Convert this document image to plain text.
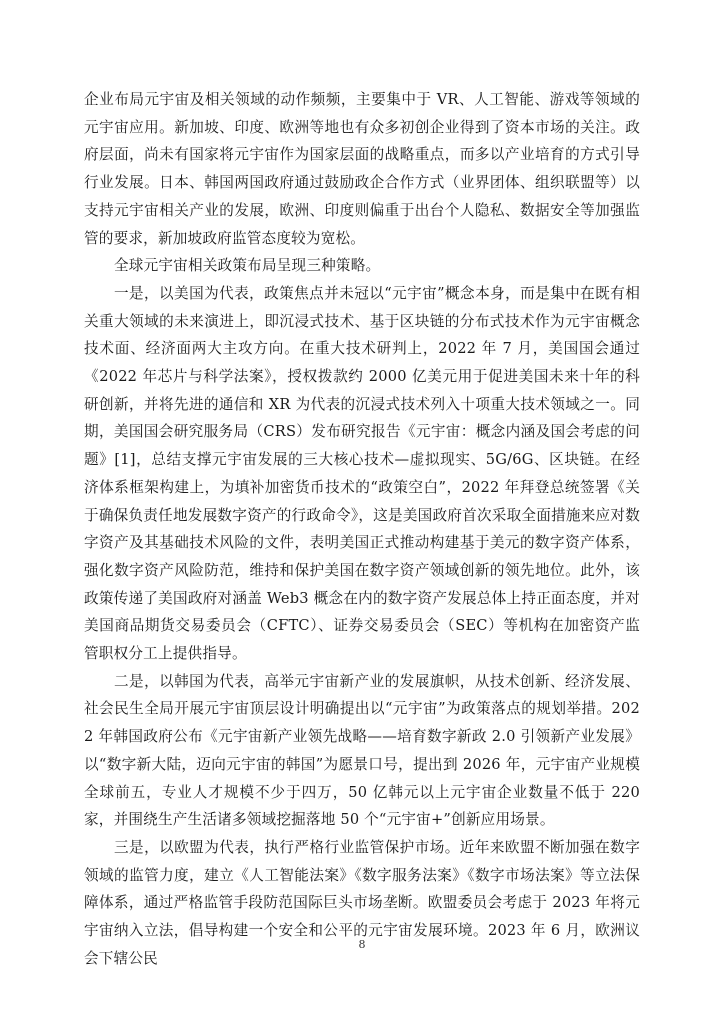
企业布局元宇宙及相关领域的动作频频，主要集中于 VR、人工智能、游戏等领域的元宇宙应用。新加坡、印度、欧洲等地也有众多初创企业得到了资本市场的关注。政府层面，尚未有国家将元宇宙作为国家层面的战略重点，而多以产业培育的方式引导行业发展。日本、韩国两国政府通过鼓励政企合作方式（业界团体、组织联盟等）以支持元宇宙相关产业的发展，欧洲、印度则偏重于出台个人隐私、数据安全等加强监管的要求，新加坡政府监管态度较为宽松。

全球元宇宙相关政策布局呈现三种策略。

一是，以美国为代表，政策焦点并未冠以“元宇宙”概念本身，而是集中在既有相关重大领域的未来演进上，即沉浸式技术、基于区块链的分布式技术作为元宇宙概念技术面、经济面两大主攻方向。在重大技术研判上，2022 年 7 月，美国国会通过《2022 年芯片与科学法案》，授权拨款约 2000 亿美元用于促进美国未来十年的科研创新，并将先进的通信和 XR 为代表的沉浸式技术列入十项重大技术领域之一。同期，美国国会研究服务局（CRS）发布研究报告《元宇宙：概念内涵及国会考虑的问题》[1]，总结支撑元宇宙发展的三大核心技术—虚拟现实、5G/6G、区块链。在经济体系框架构建上，为填补加密货币技术的“政策空白”，2022 年拜登总统签署《关于确保负责任地发展数字资产的行政命令》，这是美国政府首次采取全面措施来应对数字资产及其基础技术风险的文件，表明美国正式推动构建基于美元的数字资产体系，强化数字资产风险防范，维持和保护美国在数字资产领域创新的领先地位。此外，该政策传递了美国政府对涵盖 Web3 概念在内的数字资产发展总体上持正面态度，并对美国商品期货交易委员会（CFTC）、证券交易委员会（SEC）等机构在加密资产监管职权分工上提供指导。

二是，以韩国为代表，高举元宇宙新产业的发展旗帜，从技术创新、经济发展、社会民生全局开展元宇宙顶层设计明确提出以“元宇宙”为政策落点的规划举措。2022 年韩国政府公布《元宇宙新产业领先战略——培育数字新政 2.0 引领新产业发展》以“数字新大陆，迈向元宇宙的韩国”为愿景口号，提出到 2026 年，元宇宙产业规模全球前五，专业人才规模不少于四万，50 亿韩元以上元宇宙企业数量不低于 220 家，并围绕生产生活诸多领域挖掘落地 50 个“元宇宙+”创新应用场景。

三是，以欧盟为代表，执行严格行业监管保护市场。近年来欧盟不断加强在数字领域的监管力度，建立《人工智能法案》《数字服务法案》《数字市场法案》等立法保障体系，通过严格监管手段防范国际巨头市场垄断。欧盟委员会考虑于 2023 年将元宇宙纳入立法，倡导构建一个安全和公平的元宇宙发展环境。2023 年 6 月，欧洲议会下辖公民

8
